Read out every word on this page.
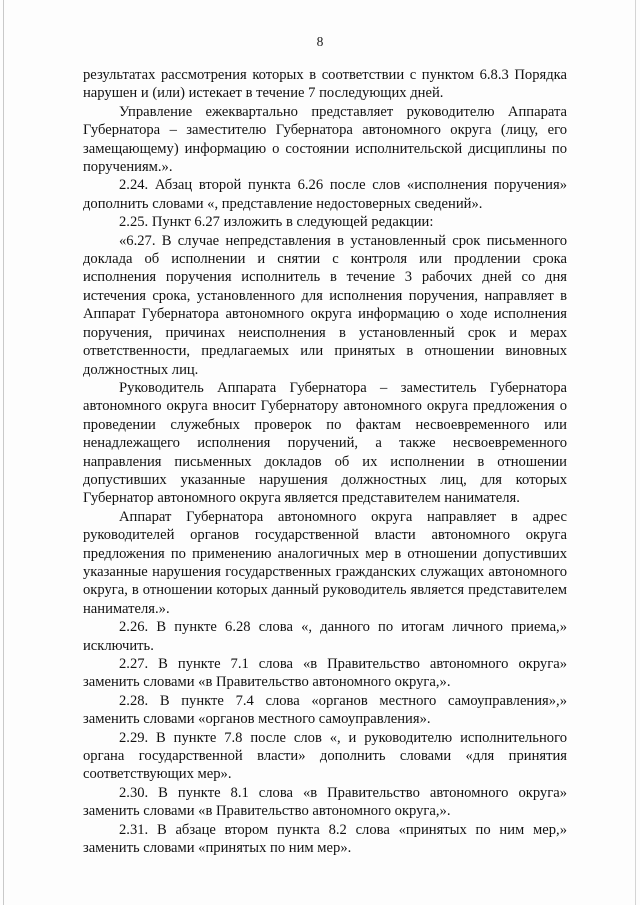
8

результатах рассмотрения которых в соответствии с пунктом 6.8.3 Порядка нарушен и (или) истекает в течение 7 последующих дней.

Управление ежеквартально представляет руководителю Аппарата Губернатора – заместителю Губернатора автономного округа (лицу, его замещающему) информацию о состоянии исполнительской дисциплины по поручениям.».

2.24. Абзац второй пункта 6.26 после слов «исполнения поручения» дополнить словами «, представление недостоверных сведений».

2.25. Пункт 6.27 изложить в следующей редакции:

«6.27. В случае непредставления в установленный срок письменного доклада об исполнении и снятии с контроля или продлении срока исполнения поручения исполнитель в течение 3 рабочих дней со дня истечения срока, установленного для исполнения поручения, направляет в Аппарат Губернатора автономного округа информацию о ходе исполнения поручения, причинах неисполнения в установленный срок и мерах ответственности, предлагаемых или принятых в отношении виновных должностных лиц.

Руководитель Аппарата Губернатора – заместитель Губернатора автономного округа вносит Губернатору автономного округа предложения о проведении служебных проверок по фактам несвоевременного или ненадлежащего исполнения поручений, а также несвоевременного направления письменных докладов об их исполнении в отношении допустивших указанные нарушения должностных лиц, для которых Губернатор автономного округа является представителем нанимателя.

Аппарат Губернатора автономного округа направляет в адрес руководителей органов государственной власти автономного округа предложения по применению аналогичных мер в отношении допустивших указанные нарушения государственных гражданских служащих автономного округа, в отношении которых данный руководитель является представителем нанимателя.».

2.26. В пункте 6.28 слова «, данного по итогам личного приема,» исключить.

2.27. В пункте 7.1 слова «в Правительство автономного округа» заменить словами «в Правительство автономного округа,».

2.28. В пункте 7.4 слова «органов местного самоуправления»,» заменить словами «органов местного самоуправления».

2.29. В пункте 7.8 после слов «, и руководителю исполнительного органа государственной власти» дополнить словами «для принятия соответствующих мер».

2.30. В пункте 8.1 слова «в Правительство автономного округа» заменить словами «в Правительство автономного округа,».

2.31. В абзаце втором пункта 8.2 слова «принятых по ним мер,» заменить словами «принятых по ним мер».
